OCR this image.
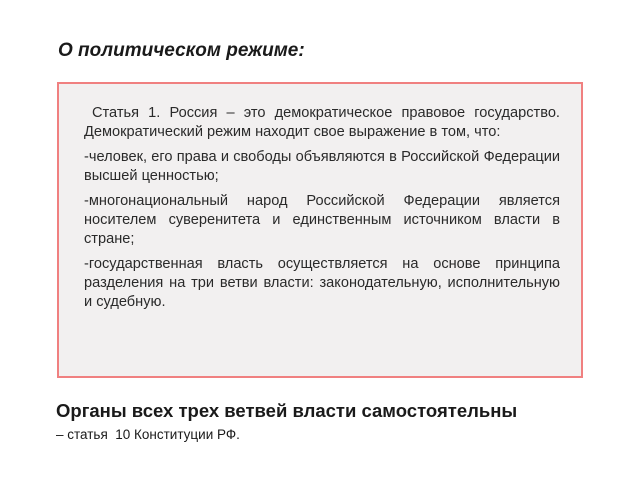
О политическом режиме:

Статья 1. Россия – это демократическое правовое государство. Демократический режим находит свое выражение в том, что:

-человек, его права и свободы объявляются в Российской Федерации высшей ценностью;

-многонациональный народ Российской Федерации является носителем суверенитета и единственным источником власти в стране;

-государственная власть осуществляется на основе принципа разделения на три ветви власти: законодательную, исполнительную и судебную.

Органы всех трех ветвей власти самостоятельны
– статья  10 Конституции РФ.
